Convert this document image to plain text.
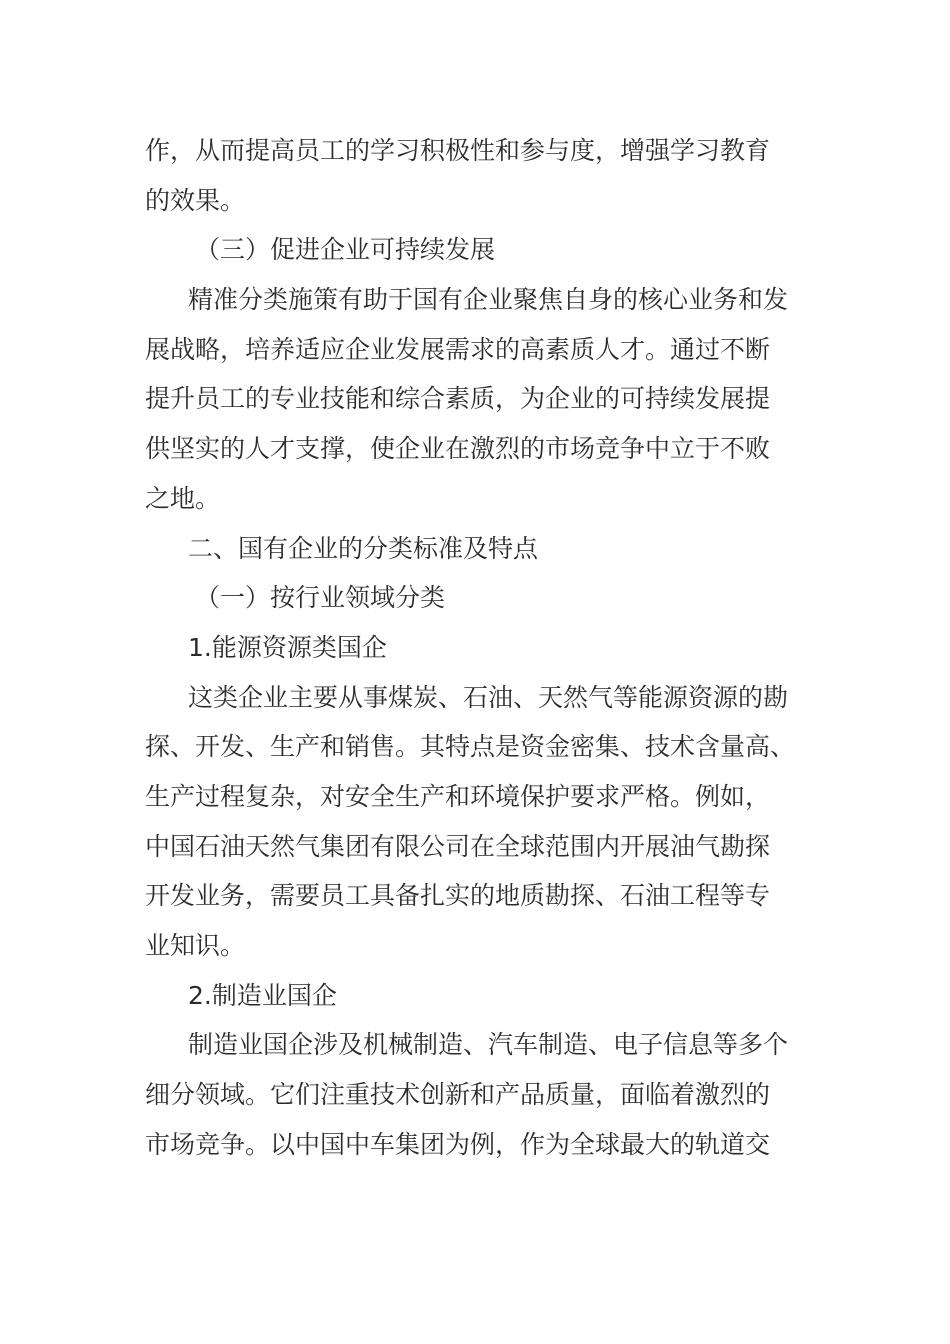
作，从而提高员工的学习积极性和参与度，增强学习教育
的效果。
（三）促进企业可持续发展
精准分类施策有助于国有企业聚焦自身的核心业务和发
展战略，培养适应企业发展需求的高素质人才。通过不断
提升员工的专业技能和综合素质，为企业的可持续发展提
供坚实的人才支撑，使企业在激烈的市场竞争中立于不败
之地。
二、国有企业的分类标准及特点
（一）按行业领域分类
1.能源资源类国企
这类企业主要从事煤炭、石油、天然气等能源资源的勘
探、开发、生产和销售。其特点是资金密集、技术含量高、
生产过程复杂，对安全生产和环境保护要求严格。例如，
中国石油天然气集团有限公司在全球范围内开展油气勘探
开发业务，需要员工具备扎实的地质勘探、石油工程等专
业知识。
2.制造业国企
制造业国企涉及机械制造、汽车制造、电子信息等多个
细分领域。它们注重技术创新和产品质量，面临着激烈的
市场竞争。以中国中车集团为例，作为全球最大的轨道交
